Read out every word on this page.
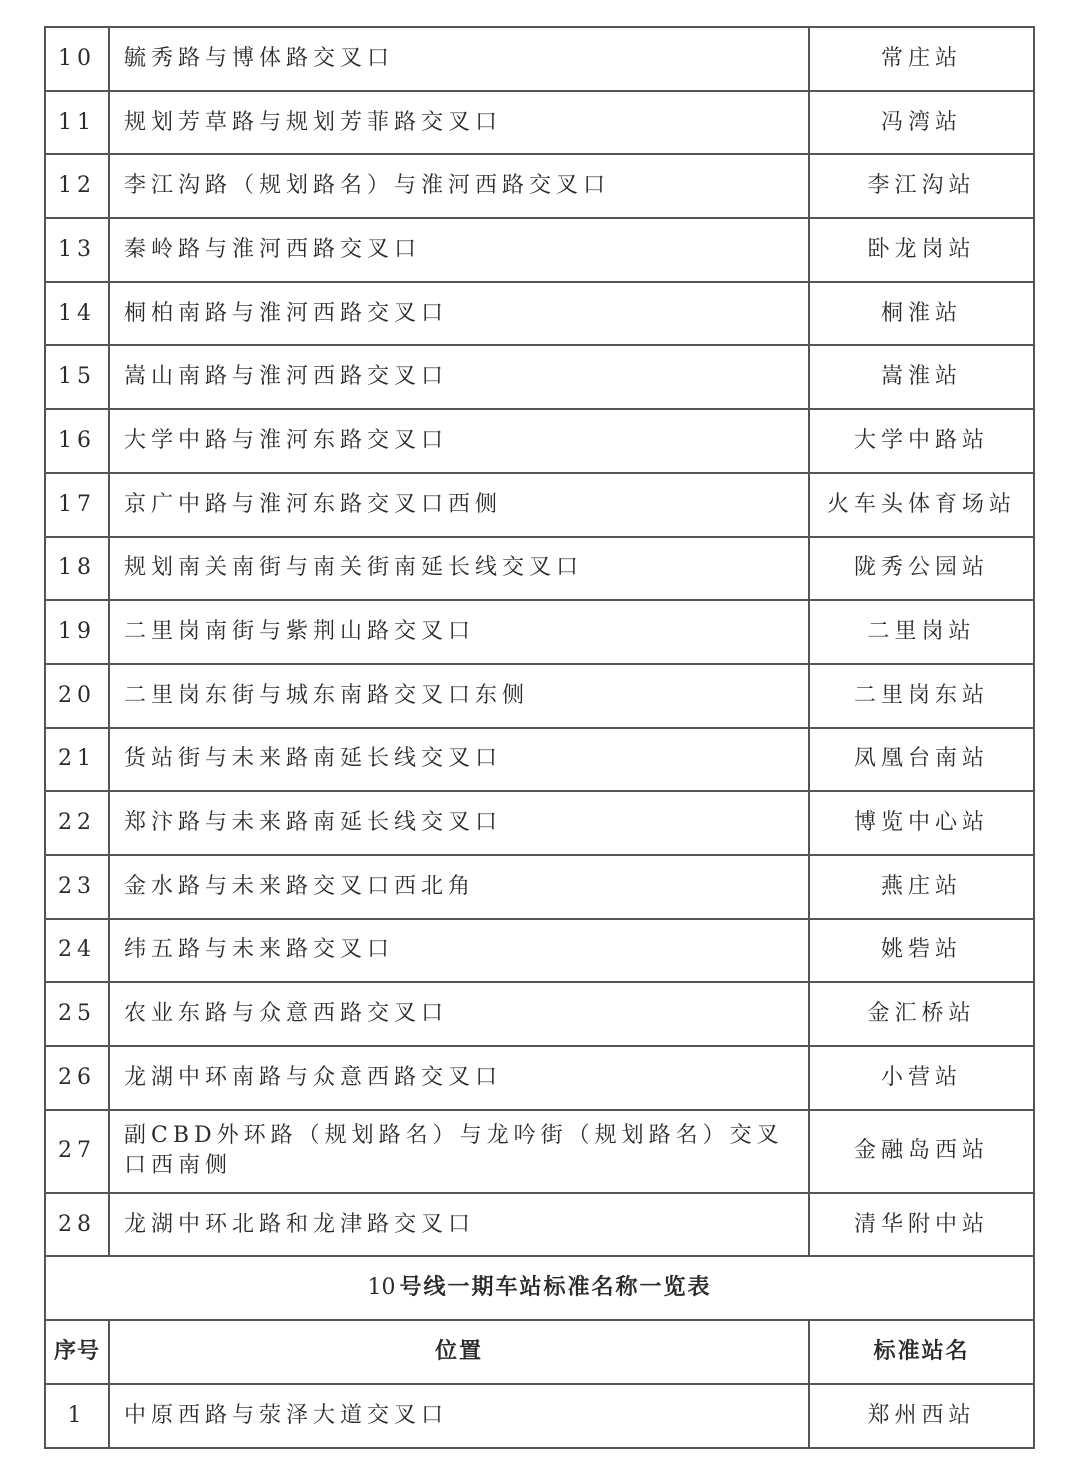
10	毓秀路与博体路交叉口	常庄站
11	规划芳草路与规划芳菲路交叉口	冯湾站
12	李江沟路（规划路名）与淮河西路交叉口	李江沟站
13	秦岭路与淮河西路交叉口	卧龙岗站
14	桐柏南路与淮河西路交叉口	桐淮站
15	嵩山南路与淮河西路交叉口	嵩淮站
16	大学中路与淮河东路交叉口	大学中路站
17	京广中路与淮河东路交叉口西侧	火车头体育场站
18	规划南关南街与南关街南延长线交叉口	陇秀公园站
19	二里岗南街与紫荆山路交叉口	二里岗站
20	二里岗东街与城东南路交叉口东侧	二里岗东站
21	货站街与未来路南延长线交叉口	凤凰台南站
22	郑汴路与未来路南延长线交叉口	博览中心站
23	金水路与未来路交叉口西北角	燕庄站
24	纬五路与未来路交叉口	姚砦站
25	农业东路与众意西路交叉口	金汇桥站
26	龙湖中环南路与众意西路交叉口	小营站
27	副CBD外环路（规划路名）与龙吟街（规划路名）交叉口西南侧	金融岛西站
28	龙湖中环北路和龙津路交叉口	清华附中站
10 号线一期车站标准名称一览表		
序号	位置	标准站名
1	中原西路与荥泽大道交叉口	郑州西站
